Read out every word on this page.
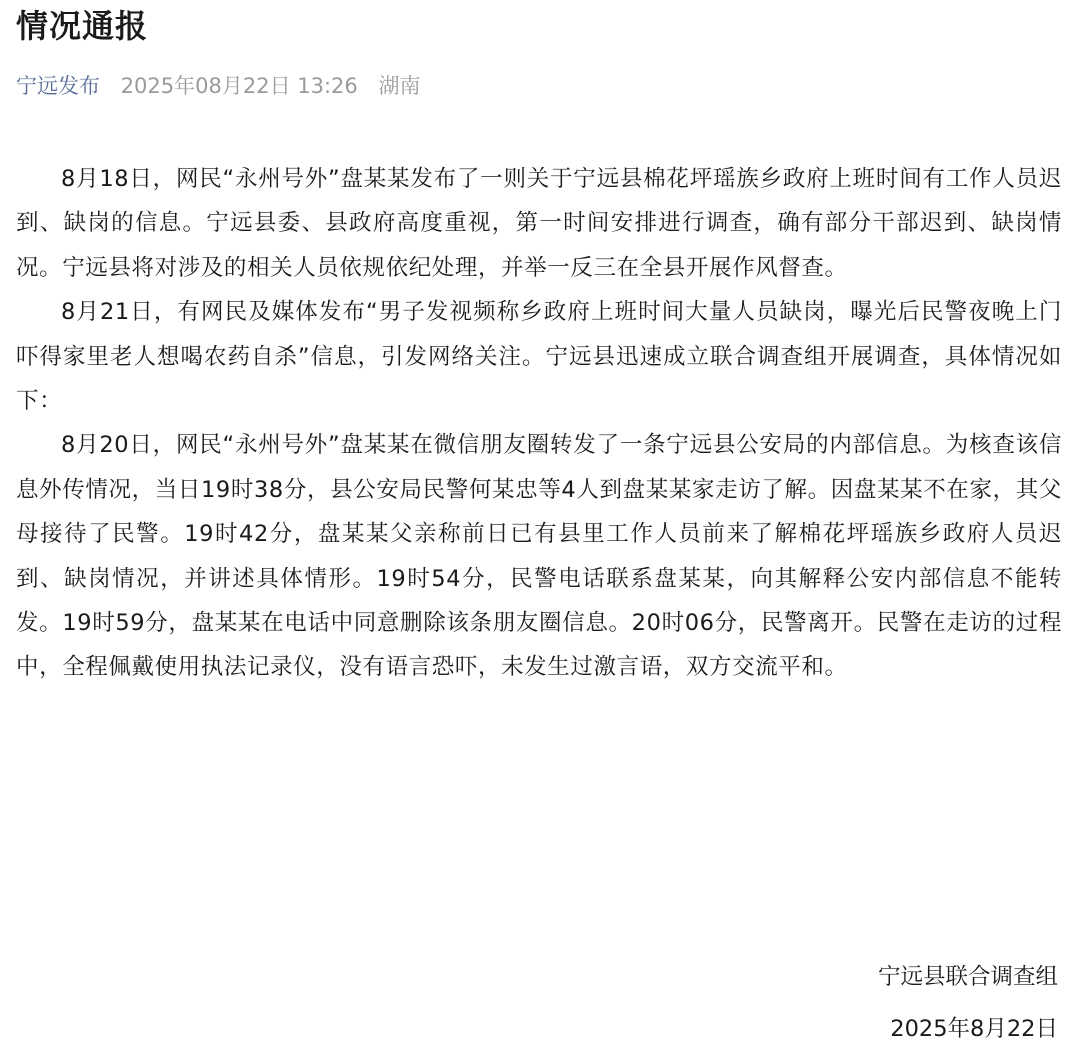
情况通报
宁远发布 2025年08月22日 13:26 湖南

8月18日，网民“永州号外”盘某某发布了一则关于宁远县棉花坪瑶族乡政府上班时间有工作人员迟到、缺岗的信息。宁远县委、县政府高度重视，第一时间安排进行调查，确有部分干部迟到、缺岗情况。宁远县将对涉及的相关人员依规依纪处理，并举一反三在全县开展作风督查。

8月21日，有网民及媒体发布“男子发视频称乡政府上班时间大量人员缺岗，曝光后民警夜晚上门吓得家里老人想喝农药自杀”信息，引发网络关注。宁远县迅速成立联合调查组开展调查，具体情况如下：

8月20日，网民“永州号外”盘某某在微信朋友圈转发了一条宁远县公安局的内部信息。为核查该信息外传情况，当日19时38分，县公安局民警何某忠等4人到盘某某家走访了解。因盘某某不在家，其父母接待了民警。19时42分，盘某某父亲称前日已有县里工作人员前来了解棉花坪瑶族乡政府人员迟到、缺岗情况，并讲述具体情形。19时54分，民警电话联系盘某某，向其解释公安内部信息不能转发。19时59分，盘某某在电话中同意删除该条朋友圈信息。20时06分，民警离开。民警在走访的过程中，全程佩戴使用执法记录仪，没有语言恐吓，未发生过激言语，双方交流平和。

宁远县联合调查组
2025年8月22日
